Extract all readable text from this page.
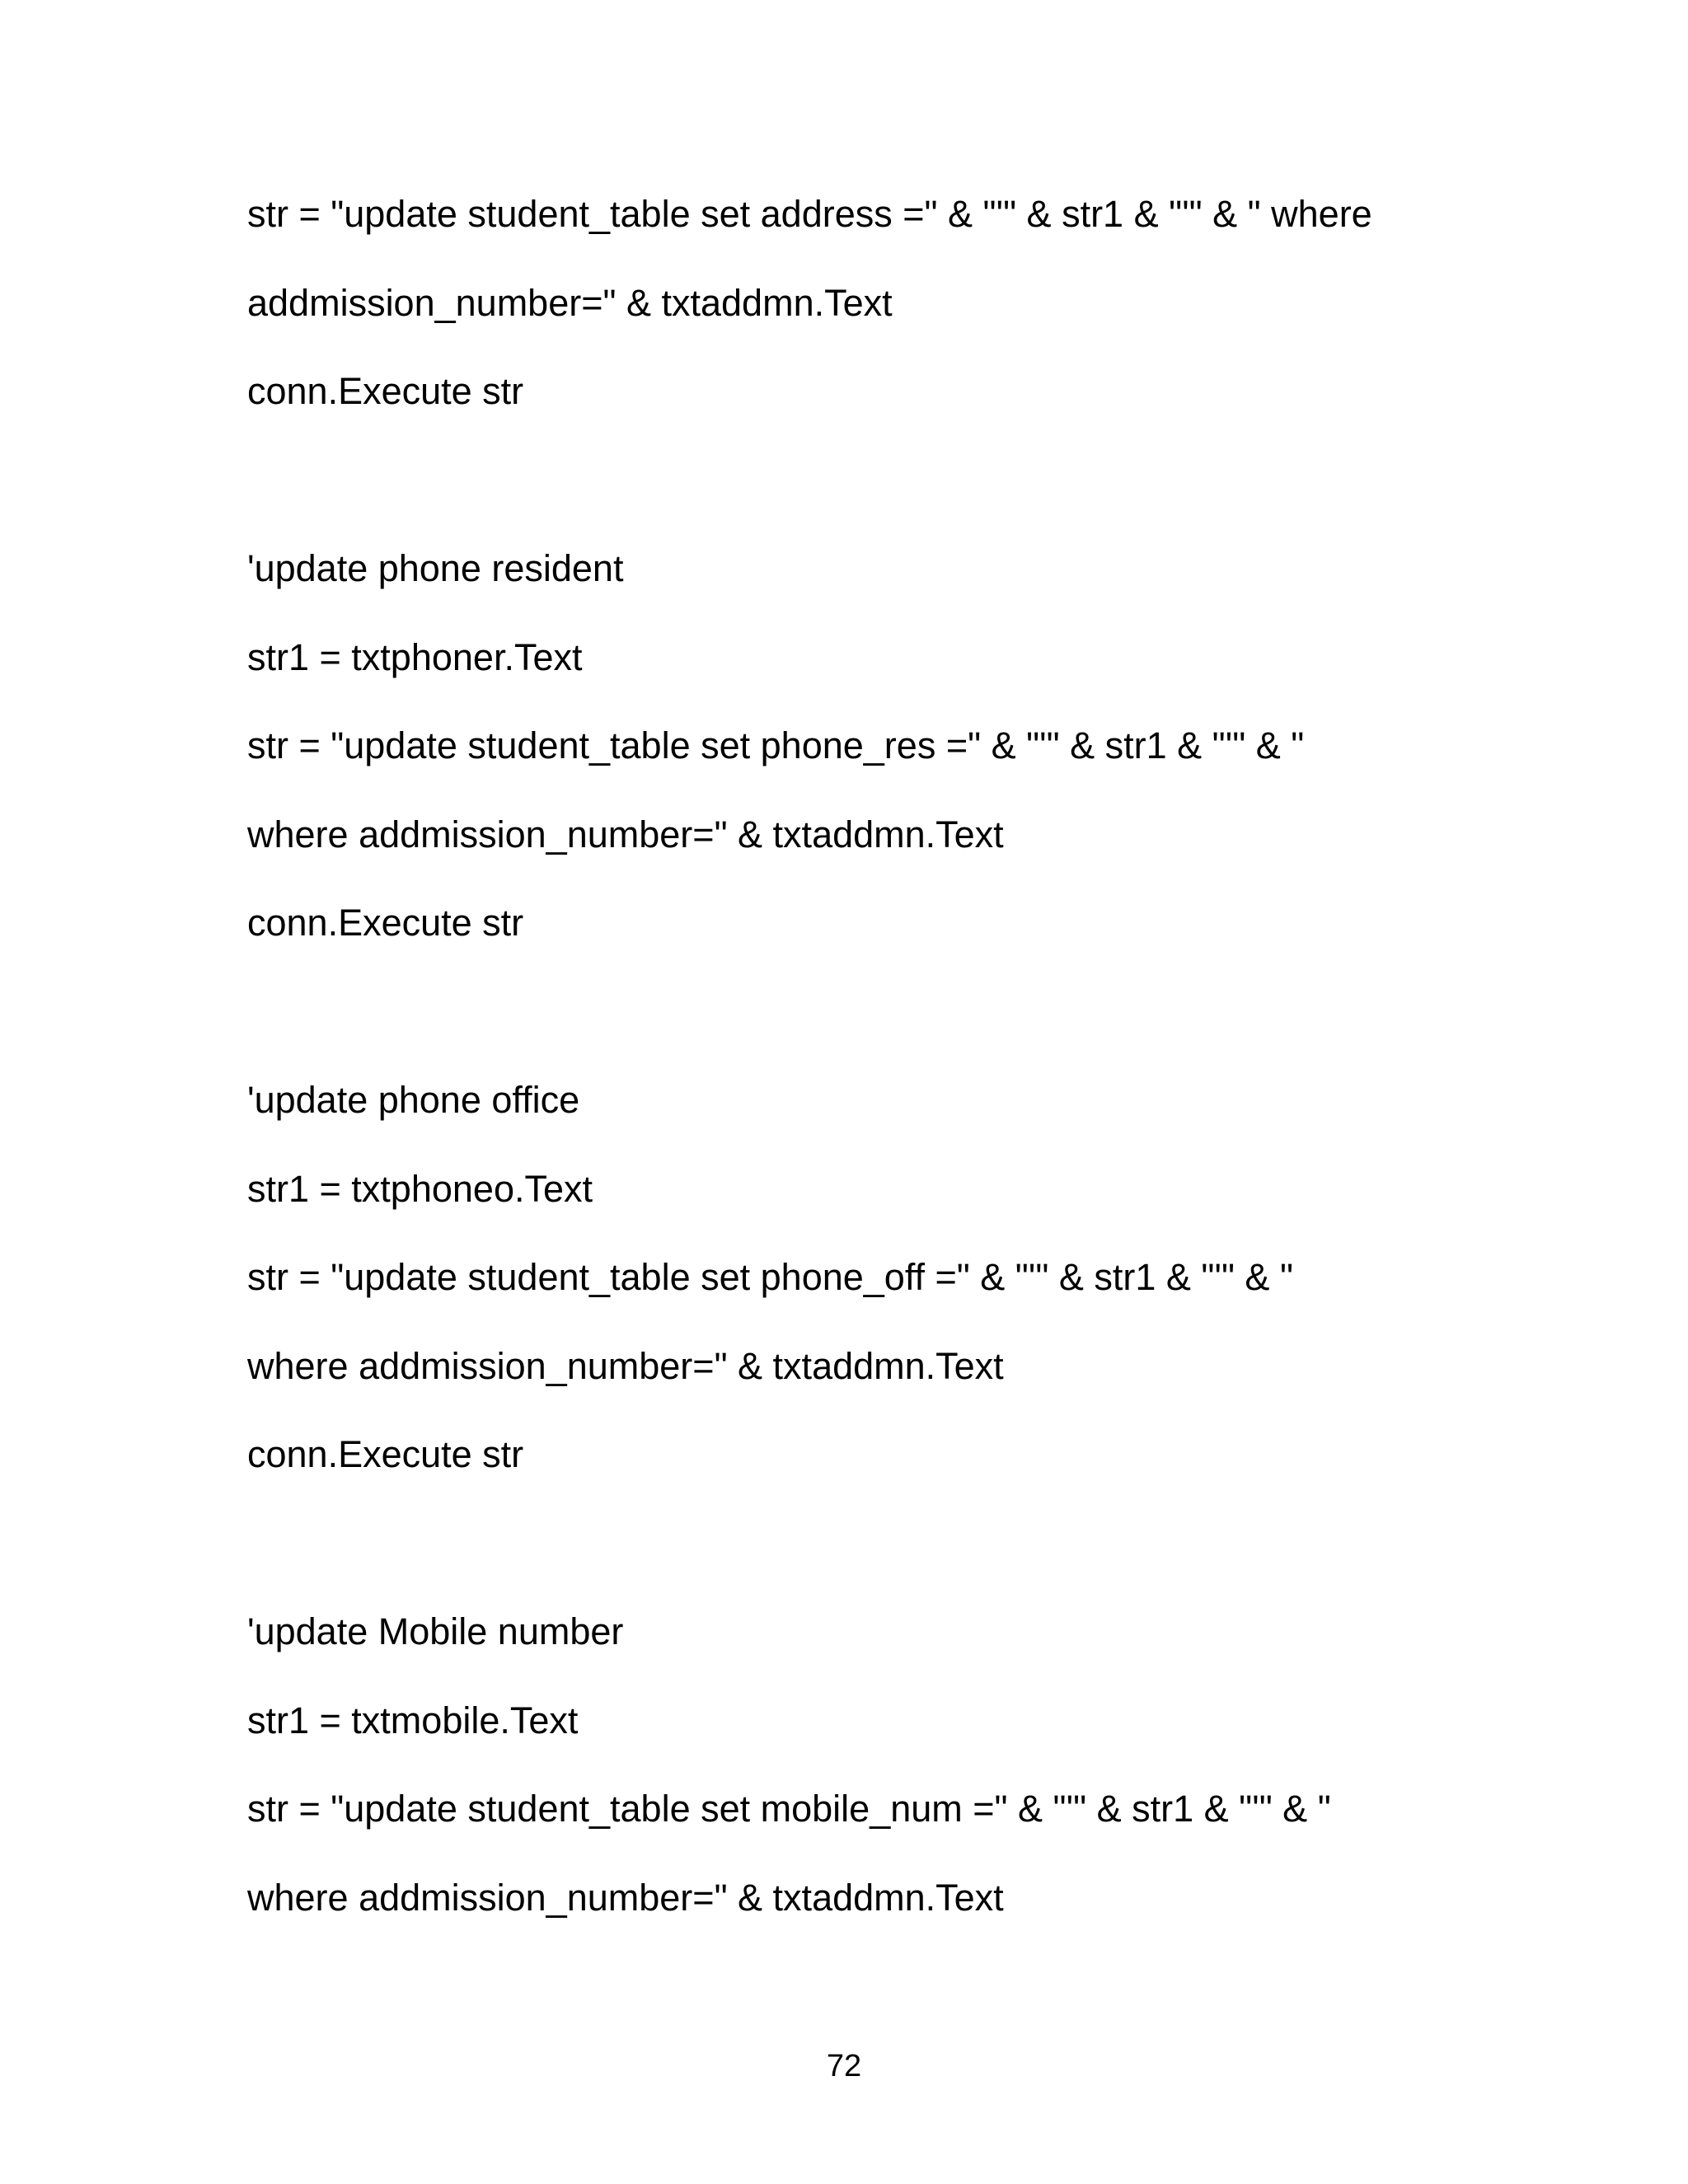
str = "update student_table set address =" & "'" & str1 & "'" & " where
addmission_number=" & txtaddmn.Text
conn.Execute str
'update phone resident
str1 = txtphoner.Text
str = "update student_table set phone_res =" & "'" & str1 & "'" & "
where addmission_number=" & txtaddmn.Text
conn.Execute str
'update phone office
str1 = txtphoneo.Text
str = "update student_table set phone_off =" & "'" & str1 & "'" & "
where addmission_number=" & txtaddmn.Text
conn.Execute str
'update Mobile number
str1 = txtmobile.Text
str = "update student_table set mobile_num =" & "'" & str1 & "'" & "
where addmission_number=" & txtaddmn.Text
72
